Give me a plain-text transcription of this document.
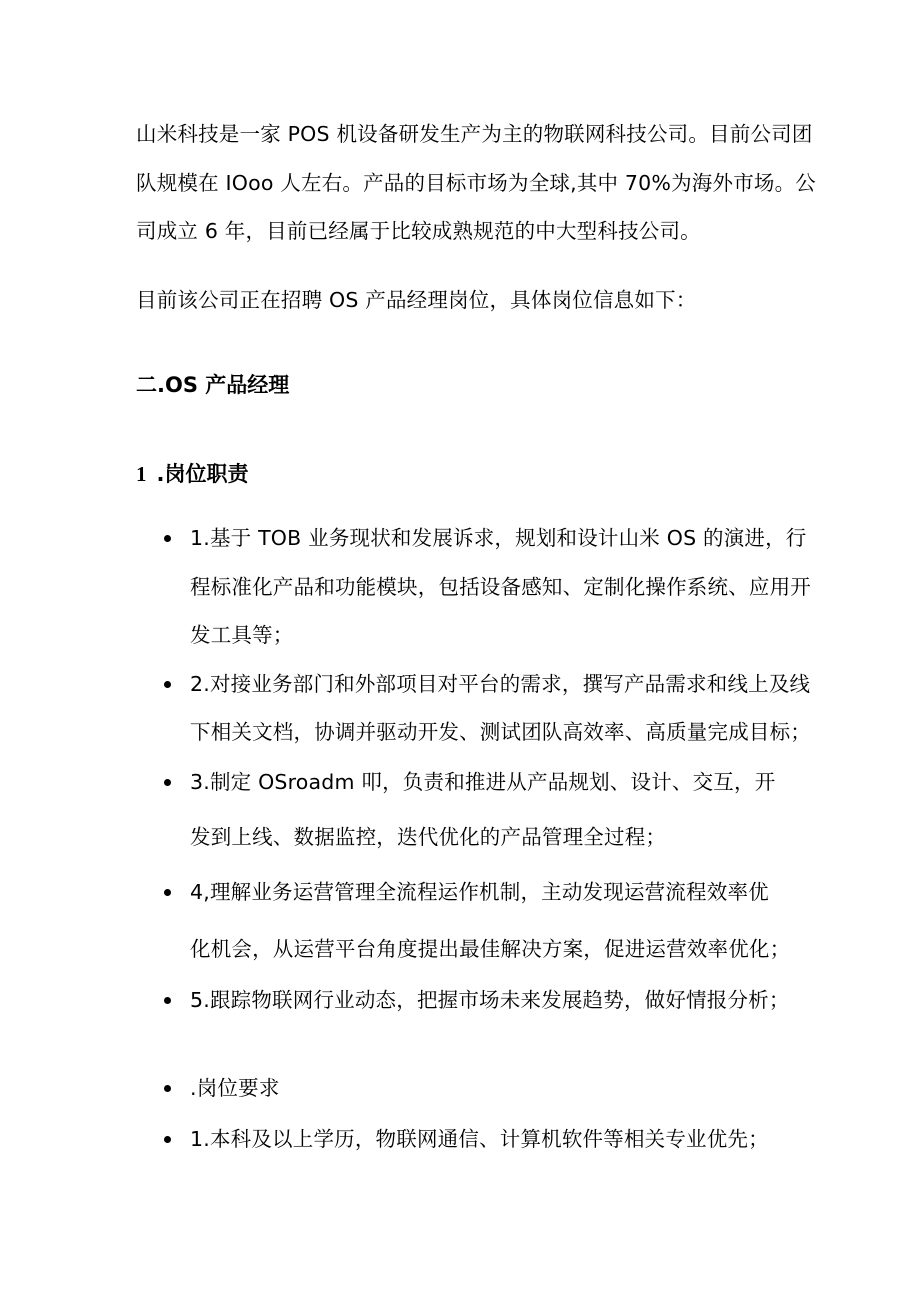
山米科技是一家 POS 机设备研发生产为主的物联网科技公司。目前公司团
队规模在 IOoo 人左右。产品的目标市场为全球,其中 70%为海外市场。公
司成立 6 年，目前已经属于比较成熟规范的中大型科技公司。
目前该公司正在招聘 OS 产品经理岗位，具体岗位信息如下：
二.OS 产品经理
1 .岗位职责
1.基于 TOB 业务现状和发展诉求，规划和设计山米 OS 的演进，行
程标准化产品和功能模块，包括设备感知、定制化操作系统、应用开
发工具等；
2.对接业务部门和外部项目对平台的需求，撰写产品需求和线上及线
下相关文档，协调并驱动开发、测试团队高效率、高质量完成目标；
3.制定 OSroadm 叩，负责和推进从产品规划、设计、交互，开
发到上线、数据监控，迭代优化的产品管理全过程；
4,理解业务运营管理全流程运作机制，主动发现运营流程效率优
化机会，从运营平台角度提出最佳解决方案，促进运营效率优化；
5.跟踪物联网行业动态，把握市场未来发展趋势，做好情报分析；
.岗位要求
1.本科及以上学历，物联网通信、计算机软件等相关专业优先；
